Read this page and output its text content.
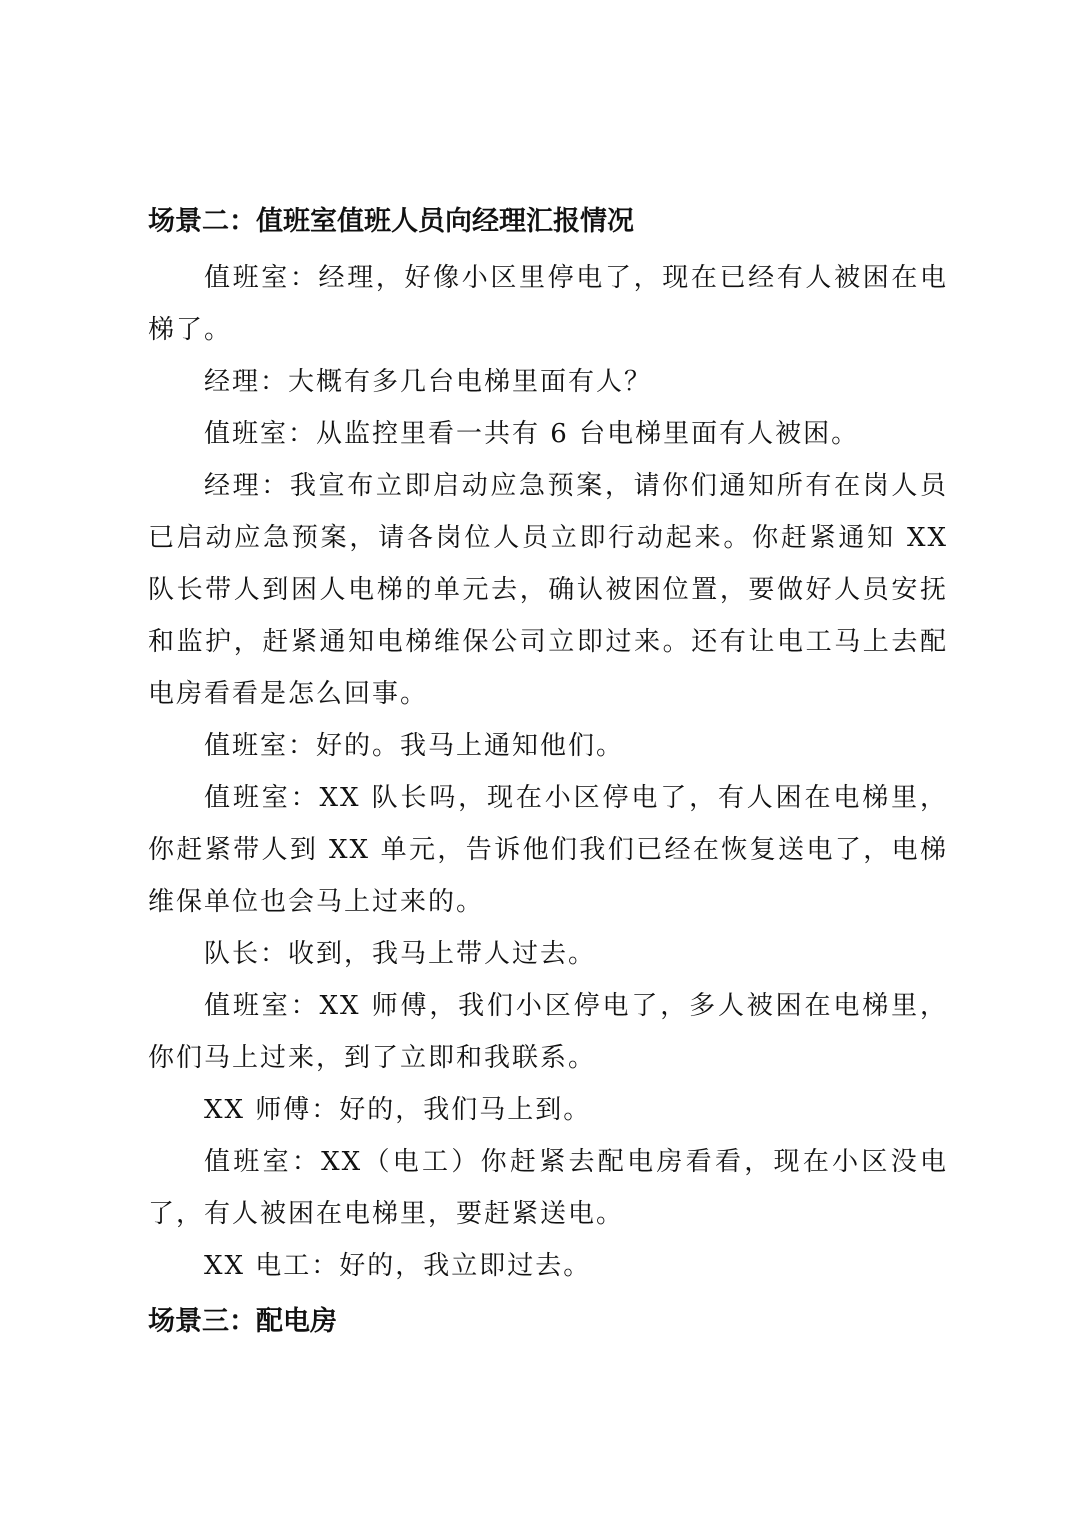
场景二：值班室值班人员向经理汇报情况

值班室：经理，好像小区里停电了，现在已经有人被困在电梯了。

经理：大概有多几台电梯里面有人？

值班室：从监控里看一共有 6 台电梯里面有人被困。

经理：我宣布立即启动应急预案，请你们通知所有在岗人员已启动应急预案，请各岗位人员立即行动起来。你赶紧通知 XX 队长带人到困人电梯的单元去，确认被困位置，要做好人员安抚和监护，赶紧通知电梯维保公司立即过来。还有让电工马上去配电房看看是怎么回事。

值班室：好的。我马上通知他们。

值班室：XX 队长吗，现在小区停电了，有人困在电梯里，你赶紧带人到 XX 单元，告诉他们我们已经在恢复送电了，电梯维保单位也会马上过来的。

队长：收到，我马上带人过去。

值班室：XX 师傅，我们小区停电了，多人被困在电梯里，你们马上过来，到了立即和我联系。

XX 师傅：好的，我们马上到。

值班室：XX（电工）你赶紧去配电房看看，现在小区没电了，有人被困在电梯里，要赶紧送电。

XX 电工：好的，我立即过去。

场景三：配电房
